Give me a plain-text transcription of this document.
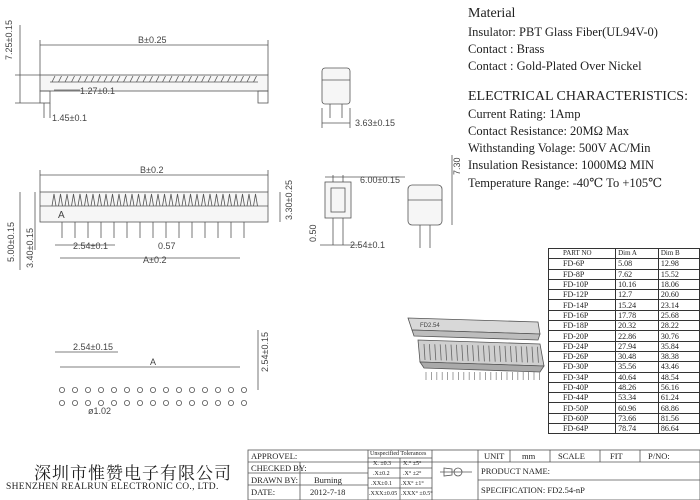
B±0.25
7.25±0.15
1.27±0.1
1.45±0.1	3.63±0.15
B±0.2
3.30±0.25
5.00±0.15 3.40±0.15	2.54±0.1	0.57
A±0.2
6.00±0.15
7.30
0.50
2.54±0.1
2.54±0.15
A	2.54±0.15
ø1.02
A
FD2.54
Material
Insulator: PBT Glass Fiber(UL94V-0)
Contact : Brass
Contact : Gold-Plated Over Nickel
ELECTRICAL CHARACTERISTICS:
Current Rating: 1Amp
Contact Resistance: 20MΩ Max
Withstanding Volage: 500V AC/Min
Insulation Resistance: 1000MΩ MIN
Temperature Range: -40℃ To +105℃
PART NO	Dim A	Dim B
FD-6P	5.08	12.98
FD-8P	7.62	15.52
FD-10P	10.16	18.06
FD-12P	12.7	20.60
FD-14P	15.24	23.14
FD-16P	17.78	25.68
FD-18P	20.32	28.22
FD-20P	22.86	30.76
FD-24P	27.94	35.84
FD-26P	30.48	38.38
FD-30P	35.56	43.46
FD-34P	40.64	48.54
FD-40P	48.26	56.16
FD-44P	53.34	61.24
FD-50P	60.96	68.86
FD-60P	73.66	81.56
FD-64P	78.74	86.64
APPROVEL:
CHECKED BY:
DRAWN BY: Burning
DATE:	2012-7-18
Unspecified Tolerances
X. ±0.3 X.° ±5°
.X±0.2 .X° ±2°
.XX±0.1 .XX° ±1°
.XXX±0.05 .XXX° ±0.5°
UNIT mm	SCALE	FIT	P/NO:
PRODUCT NAME:
SPECIFICATION: FD2.54-nP
深圳市惟赞电子有限公司
SHENZHEN REALRUN ELECTRONIC CO., LTD.
